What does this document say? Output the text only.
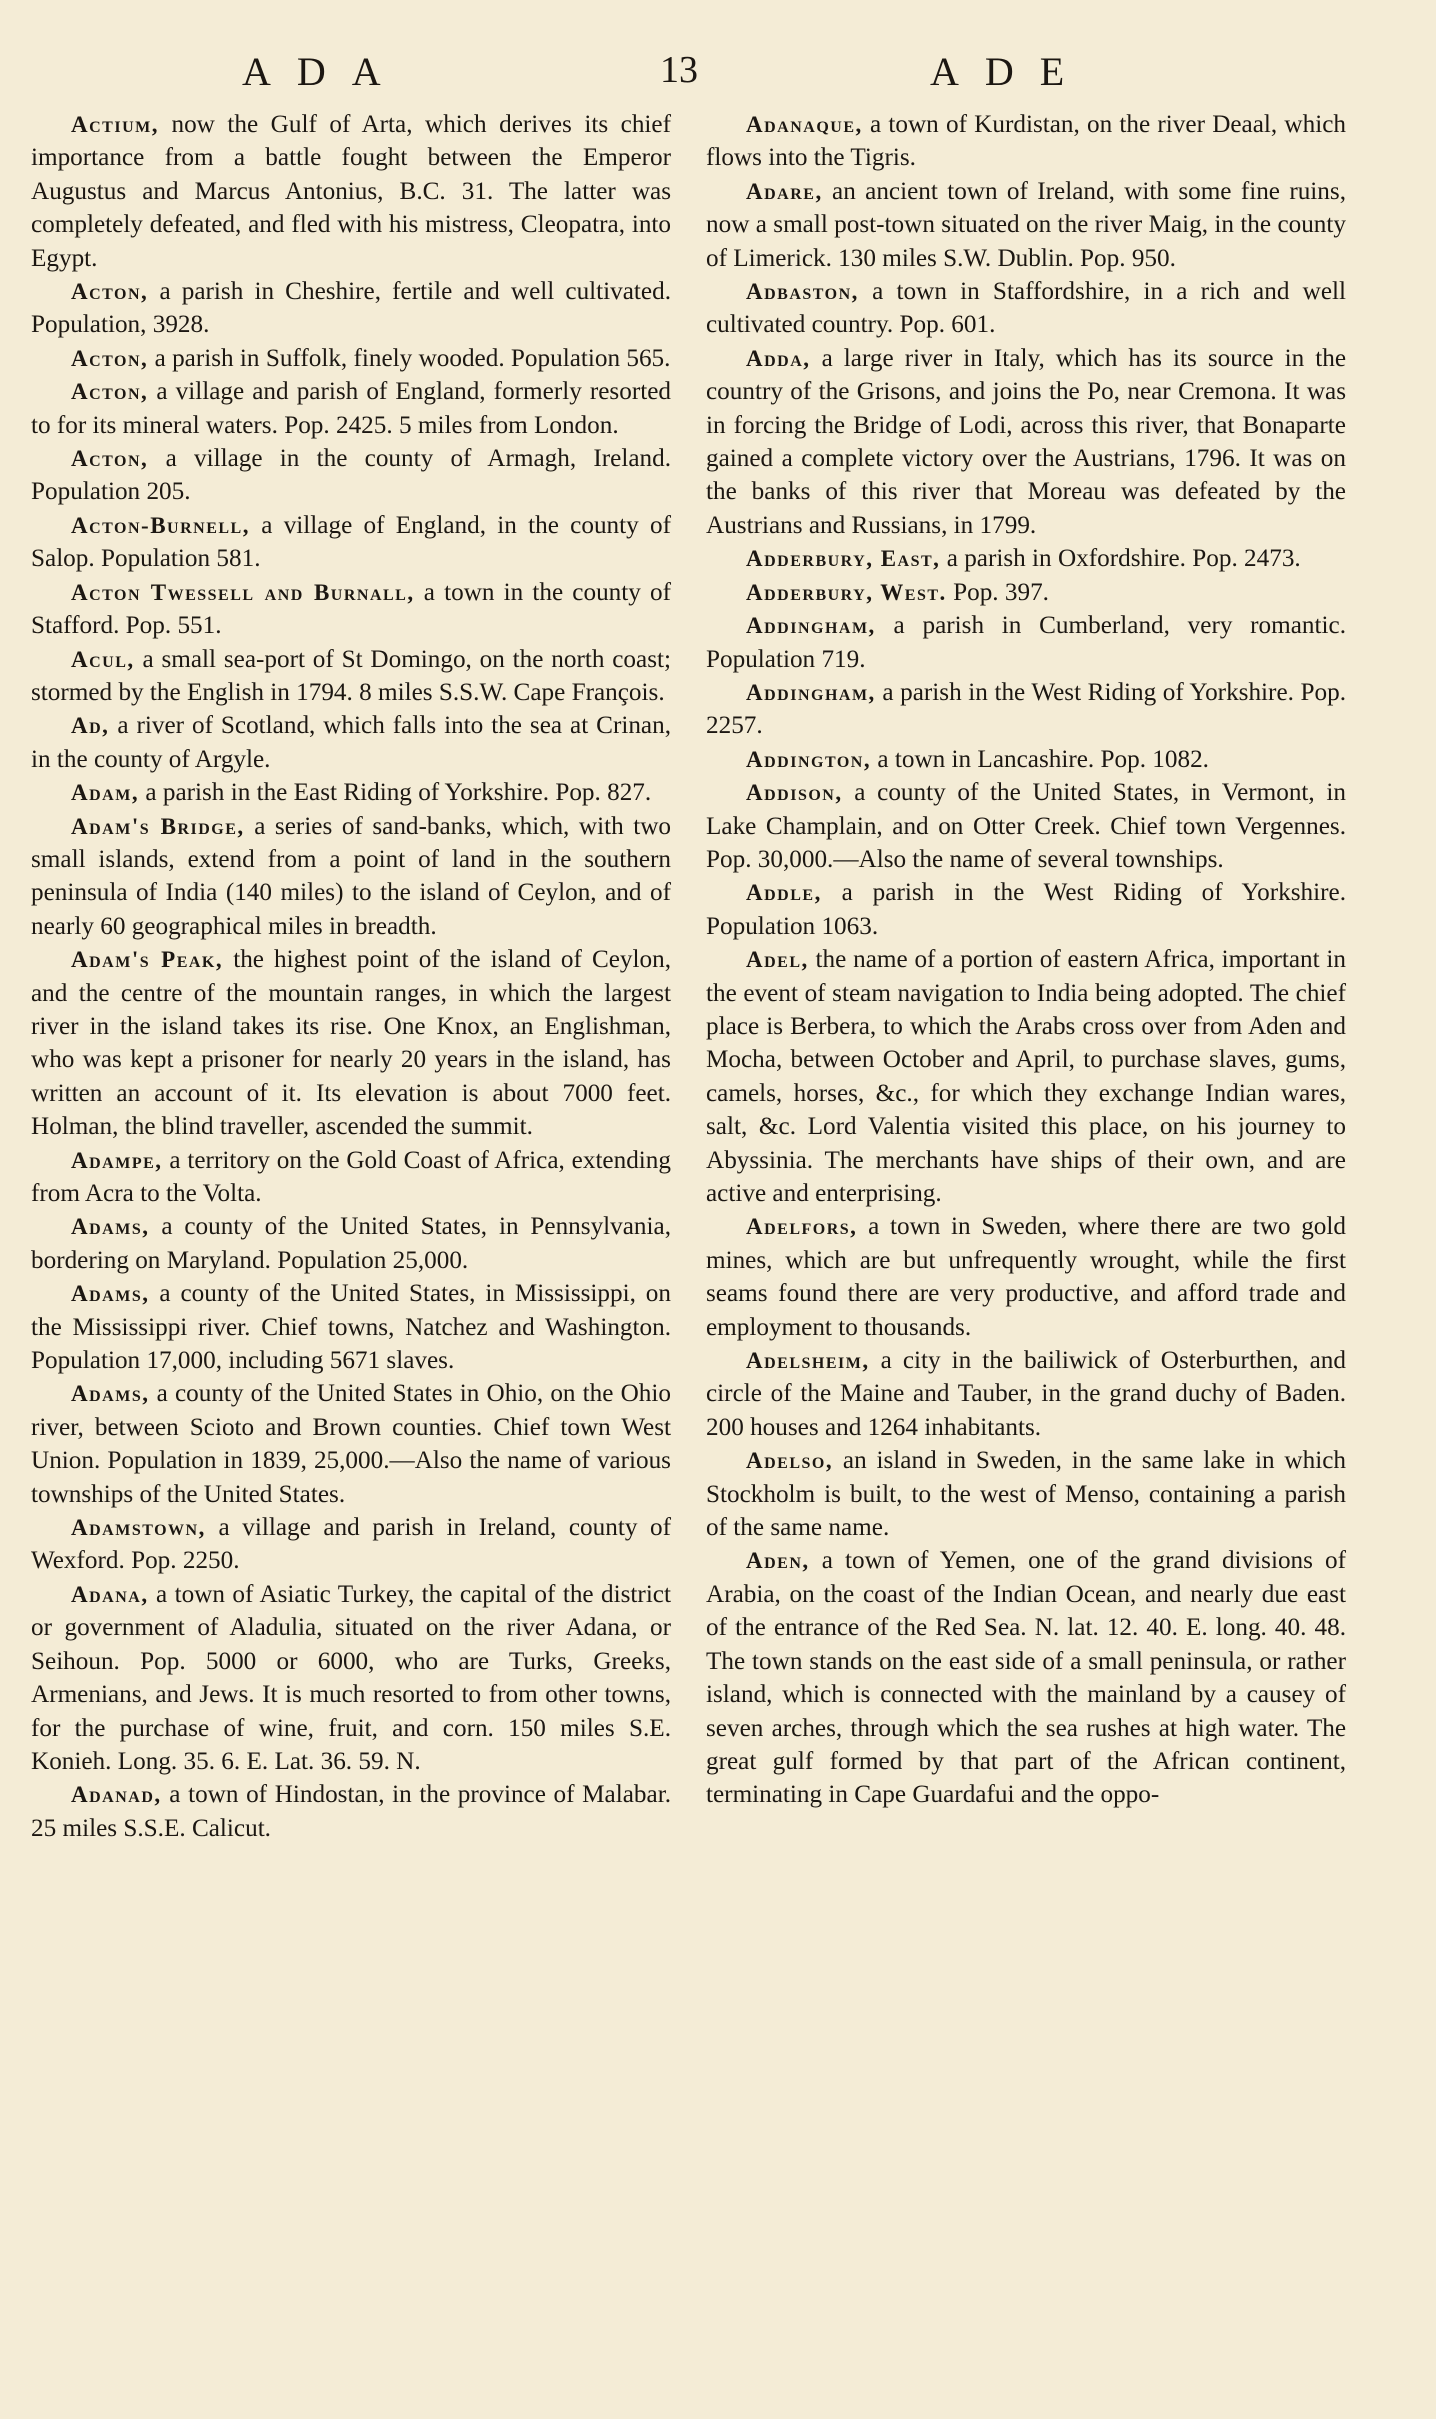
ADA	13	ADE

Actium, now the Gulf of Arta, which derives its chief importance from a battle fought between the Emperor Augustus and Marcus Antonius, B.C. 31. The latter was completely defeated, and fled with his mistress, Cleopatra, into Egypt.

Acton, a parish in Cheshire, fertile and well cultivated. Population, 3928.

Acton, a parish in Suffolk, finely wooded. Population 565.

Acton, a village and parish of England, formerly resorted to for its mineral waters. Pop. 2425. 5 miles from London.

Acton, a village in the county of Armagh, Ireland. Population 205.

Acton-Burnell, a village of England, in the county of Salop. Population 581.

Acton Twessell and Burnall, a town in the county of Stafford. Pop. 551.

Acul, a small sea-port of St Domingo, on the north coast; stormed by the English in 1794. 8 miles S.S.W. Cape François.

Ad, a river of Scotland, which falls into the sea at Crinan, in the county of Argyle.

Adam, a parish in the East Riding of Yorkshire. Pop. 827.

Adam's Bridge, a series of sand-banks, which, with two small islands, extend from a point of land in the southern peninsula of India (140 miles) to the island of Ceylon, and of nearly 60 geographical miles in breadth.

Adam's Peak, the highest point of the island of Ceylon, and the centre of the mountain ranges, in which the largest river in the island takes its rise. One Knox, an Englishman, who was kept a prisoner for nearly 20 years in the island, has written an account of it. Its elevation is about 7000 feet. Holman, the blind traveller, ascended the summit.

Adampe, a territory on the Gold Coast of Africa, extending from Acra to the Volta.

Adams, a county of the United States, in Pennsylvania, bordering on Maryland. Population 25,000.

Adams, a county of the United States, in Mississippi, on the Mississippi river. Chief towns, Natchez and Washington. Population 17,000, including 5671 slaves.

Adams, a county of the United States in Ohio, on the Ohio river, between Scioto and Brown counties. Chief town West Union. Population in 1839, 25,000.—Also the name of various townships of the United States.

Adamstown, a village and parish in Ireland, county of Wexford. Pop. 2250.

Adana, a town of Asiatic Turkey, the capital of the district or government of Aladulia, situated on the river Adana, or Seihoun. Pop. 5000 or 6000, who are Turks, Greeks, Armenians, and Jews. It is much resorted to from other towns, for the purchase of wine, fruit, and corn. 150 miles S.E. Konieh. Long. 35. 6. E. Lat. 36. 59. N.

Adanad, a town of Hindostan, in the province of Malabar. 25 miles S.S.E. Calicut.

Adanaque, a town of Kurdistan, on the river Deaal, which flows into the Tigris.

Adare, an ancient town of Ireland, with some fine ruins, now a small post-town situated on the river Maig, in the county of Limerick. 130 miles S.W. Dublin. Pop. 950.

Adbaston, a town in Staffordshire, in a rich and well cultivated country. Pop. 601.

Adda, a large river in Italy, which has its source in the country of the Grisons, and joins the Po, near Cremona. It was in forcing the Bridge of Lodi, across this river, that Bonaparte gained a complete victory over the Austrians, 1796. It was on the banks of this river that Moreau was defeated by the Austrians and Russians, in 1799.

Adderbury, East, a parish in Oxfordshire. Pop. 2473.

Adderbury, West. Pop. 397.

Addingham, a parish in Cumberland, very romantic. Population 719.

Addingham, a parish in the West Riding of Yorkshire. Pop. 2257.

Addington, a town in Lancashire. Pop. 1082.

Addison, a county of the United States, in Vermont, in Lake Champlain, and on Otter Creek. Chief town Vergennes. Pop. 30,000.—Also the name of several townships.

Addle, a parish in the West Riding of Yorkshire. Population 1063.

Adel, the name of a portion of eastern Africa, important in the event of steam navigation to India being adopted. The chief place is Berbera, to which the Arabs cross over from Aden and Mocha, between October and April, to purchase slaves, gums, camels, horses, &c., for which they exchange Indian wares, salt, &c. Lord Valentia visited this place, on his journey to Abyssinia. The merchants have ships of their own, and are active and enterprising.

Adelfors, a town in Sweden, where there are two gold mines, which are but unfrequently wrought, while the first seams found there are very productive, and afford trade and employment to thousands.

Adelsheim, a city in the bailiwick of Osterburthen, and circle of the Maine and Tauber, in the grand duchy of Baden. 200 houses and 1264 inhabitants.

Adelso, an island in Sweden, in the same lake in which Stockholm is built, to the west of Menso, containing a parish of the same name.

Aden, a town of Yemen, one of the grand divisions of Arabia, on the coast of the Indian Ocean, and nearly due east of the entrance of the Red Sea. N. lat. 12. 40. E. long. 40. 48. The town stands on the east side of a small peninsula, or rather island, which is connected with the mainland by a causey of seven arches, through which the sea rushes at high water. The great gulf formed by that part of the African continent, terminating in Cape Guardafui and the oppo-
